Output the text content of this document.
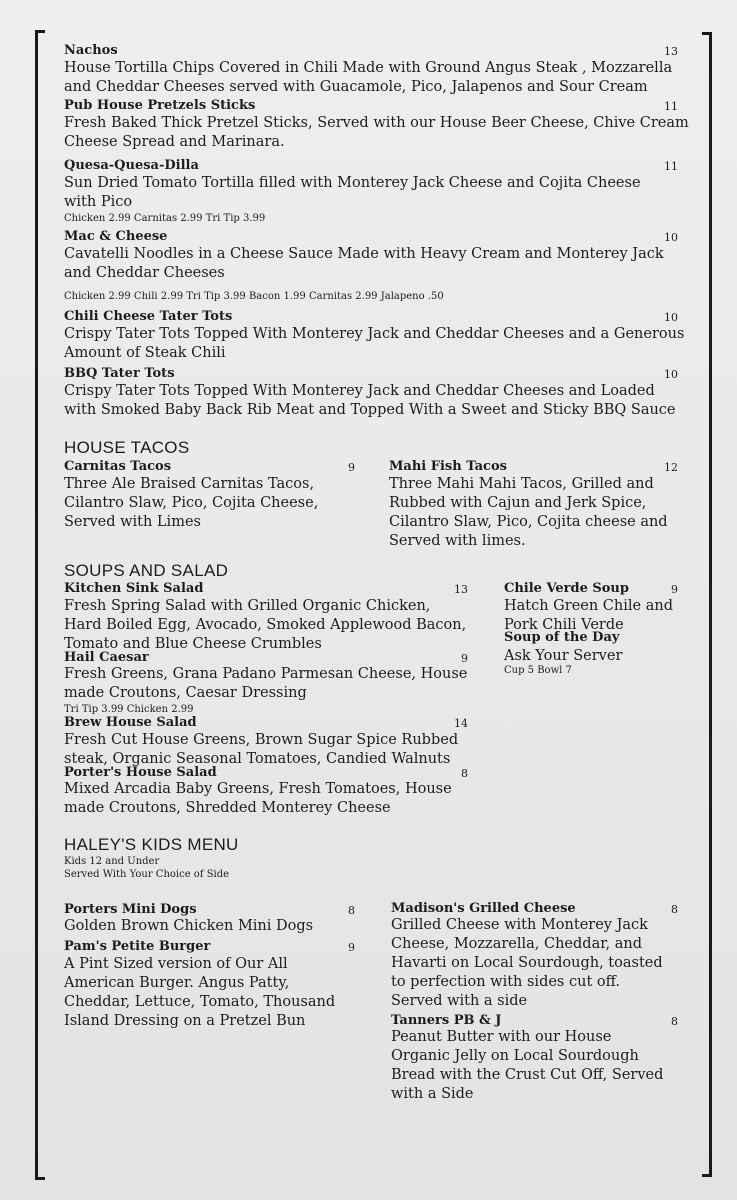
Nachos	13
House Tortilla Chips Covered in Chili Made with Ground Angus Steak , Mozzarella and Cheddar Cheeses served with Guacamole, Pico, Jalapenos and Sour Cream
Pub House Pretzels Sticks	11
Fresh Baked Thick Pretzel Sticks, Served with our House Beer Cheese, Chive Cream Cheese Spread and Marinara.
Quesa-Quesa-Dilla	11
Sun Dried Tomato Tortilla filled with Monterey Jack Cheese and Cojita Cheese with Pico
Chicken 2.99 Carnitas 2.99 Tri Tip 3.99
Mac & Cheese	10
Cavatelli Noodles in a Cheese Sauce Made with Heavy Cream and Monterey Jack and Cheddar Cheeses
Chicken 2.99 Chili 2.99 Tri Tip 3.99 Bacon 1.99 Carnitas 2.99 Jalapeno .50
Chili Cheese Tater Tots	10
Crispy Tater Tots Topped With Monterey Jack and Cheddar Cheeses and a Generous Amount of Steak Chili
BBQ Tater Tots	10
Crispy Tater Tots Topped With Monterey Jack and Cheddar Cheeses and Loaded with Smoked Baby Back Rib Meat and Topped With a Sweet and Sticky BBQ Sauce
HOUSE TACOS
Carnitas Tacos	9
Three Ale Braised Carnitas Tacos, Cilantro Slaw, Pico, Cojita Cheese, Served with Limes
Mahi Fish Tacos	12
Three Mahi Mahi Tacos, Grilled and Rubbed with Cajun and Jerk Spice, Cilantro Slaw, Pico, Cojita cheese and Served with limes.
SOUPS AND SALAD
Kitchen Sink Salad	13
Fresh Spring Salad with Grilled Organic Chicken, Hard Boiled Egg, Avocado, Smoked Applewood Bacon, Tomato and Blue Cheese Crumbles
Hail Caesar	9
Fresh Greens, Grana Padano Parmesan Cheese, House made Croutons, Caesar Dressing
Tri Tip 3.99 Chicken 2.99
Brew House Salad	14
Fresh Cut House Greens, Brown Sugar Spice Rubbed steak, Organic Seasonal Tomatoes, Candied Walnuts
Porter's House Salad	8
Mixed Arcadia Baby Greens, Fresh Tomatoes, House made Croutons, Shredded Monterey Cheese
Chile Verde Soup	9
Hatch Green Chile and Pork Chili Verde
Soup of the Day
Ask Your Server
Cup 5 Bowl 7
HALEY'S KIDS MENU
Kids 12 and Under
Served With Your Choice of Side
Porters Mini Dogs	8
Golden Brown Chicken Mini Dogs
Pam's Petite Burger	9
A Pint Sized version of Our All American Burger. Angus Patty, Cheddar, Lettuce, Tomato, Thousand Island Dressing on a Pretzel Bun
Madison's Grilled Cheese	8
Grilled Cheese with Monterey Jack Cheese, Mozzarella, Cheddar, and Havarti on Local Sourdough, toasted to perfection with sides cut off.
Served with a side
Tanners PB & J	8
Peanut Butter with our House Organic Jelly on Local Sourdough Bread with the Crust Cut Off, Served with a Side
